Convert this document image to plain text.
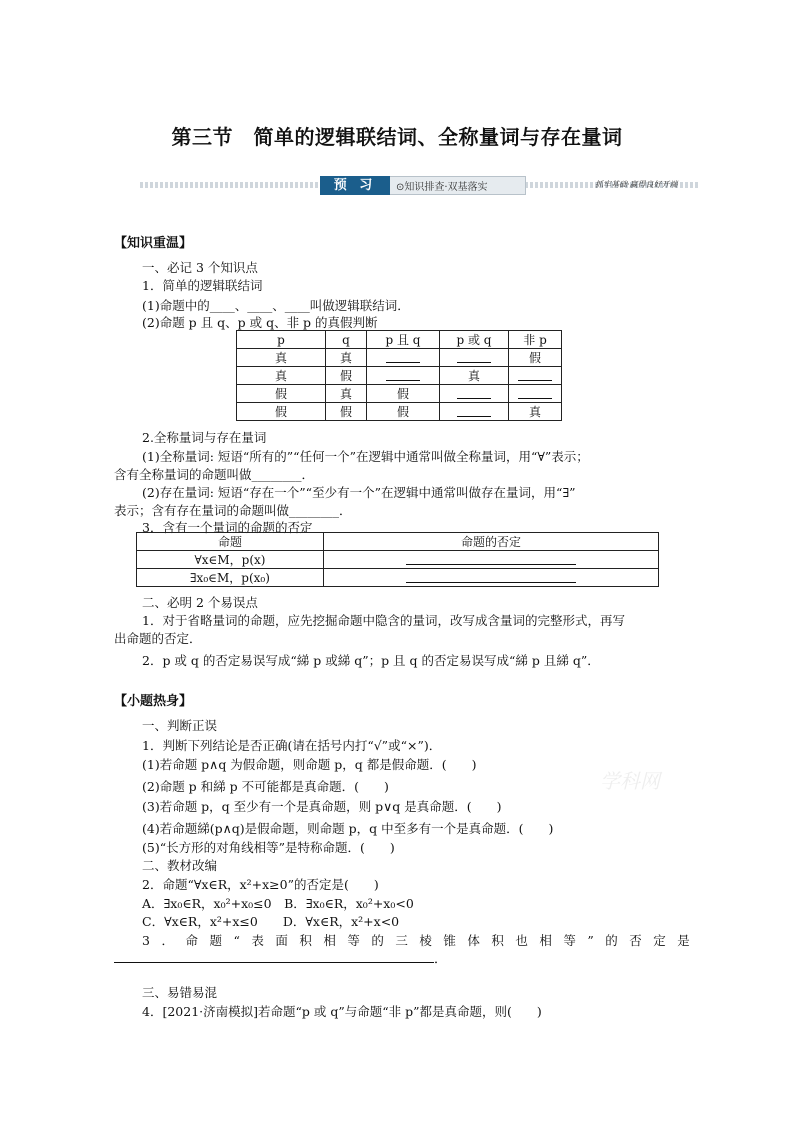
第三节　简单的逻辑联结词、全称量词与存在量词
预 习	⊙知识排查·双基落实	抓牢基础·赢得良好开端
【知识重温】
一、必记 3 个知识点
1．简单的逻辑联结词
(1)命题中的____、____、____叫做逻辑联结词．
(2)命题 p 且 q、p 或 q、非 p 的真假判断
p	q	p 且 q	p 或 q	非 p
真	真			假
真	假		真	
假	真	假		
假	假	假		真
2.全称量词与存在量词
(1)全称量词: 短语“所有的”“任何一个”在逻辑中通常叫做全称量词，用“∀”表示；
含有全称量词的命题叫做________．
(2)存在量词: 短语“存在一个”“至少有一个”在逻辑中通常叫做存在量词，用“∃”
表示；含有存在量词的命题叫做________．
3．含有一个量词的命题的否定
命题	命题的否定
∀x∈M，p(x)	
∃x₀∈M，p(x₀)	
二、必明 2 个易误点
1．对于省略量词的命题，应先挖掘命题中隐含的量词，改写成含量词的完整形式，再写
出命题的否定．
2．p 或 q 的否定易误写成“綈 p 或綈 q”；p 且 q 的否定易误写成“綈 p 且綈 q”．
【小题热身】
一、判断正误
1．判断下列结论是否正确(请在括号内打“√”或“×”)．
(1)若命题 p∧q 为假命题，则命题 p，q 都是假命题．(　　)
(2)命题 p 和綈 p 不可能都是真命题．(　　)
(3)若命题 p，q 至少有一个是真命题，则 p∨q 是真命题．(　　)
(4)若命题綈(p∧q)是假命题，则命题 p，q 中至多有一个是真命题．(　　)
(5)“长方形的对角线相等”是特称命题．(　　)
二、教材改编
2．命题“∀x∈R，x²+x≥0”的否定是(　　)
A．∃x₀∈R，x₀²+x₀≤0　B．∃x₀∈R，x₀²+x₀<0
C．∀x∈R，x²+x≤0　　D．∀x∈R，x²+x<0
3．命题“表面积相等的三棱锥体积也相等”的否定是
．
三、易错易混
4．[2021·济南模拟]若命题“p 或 q”与命题“非 p”都是真命题，则(　　)
学科网
